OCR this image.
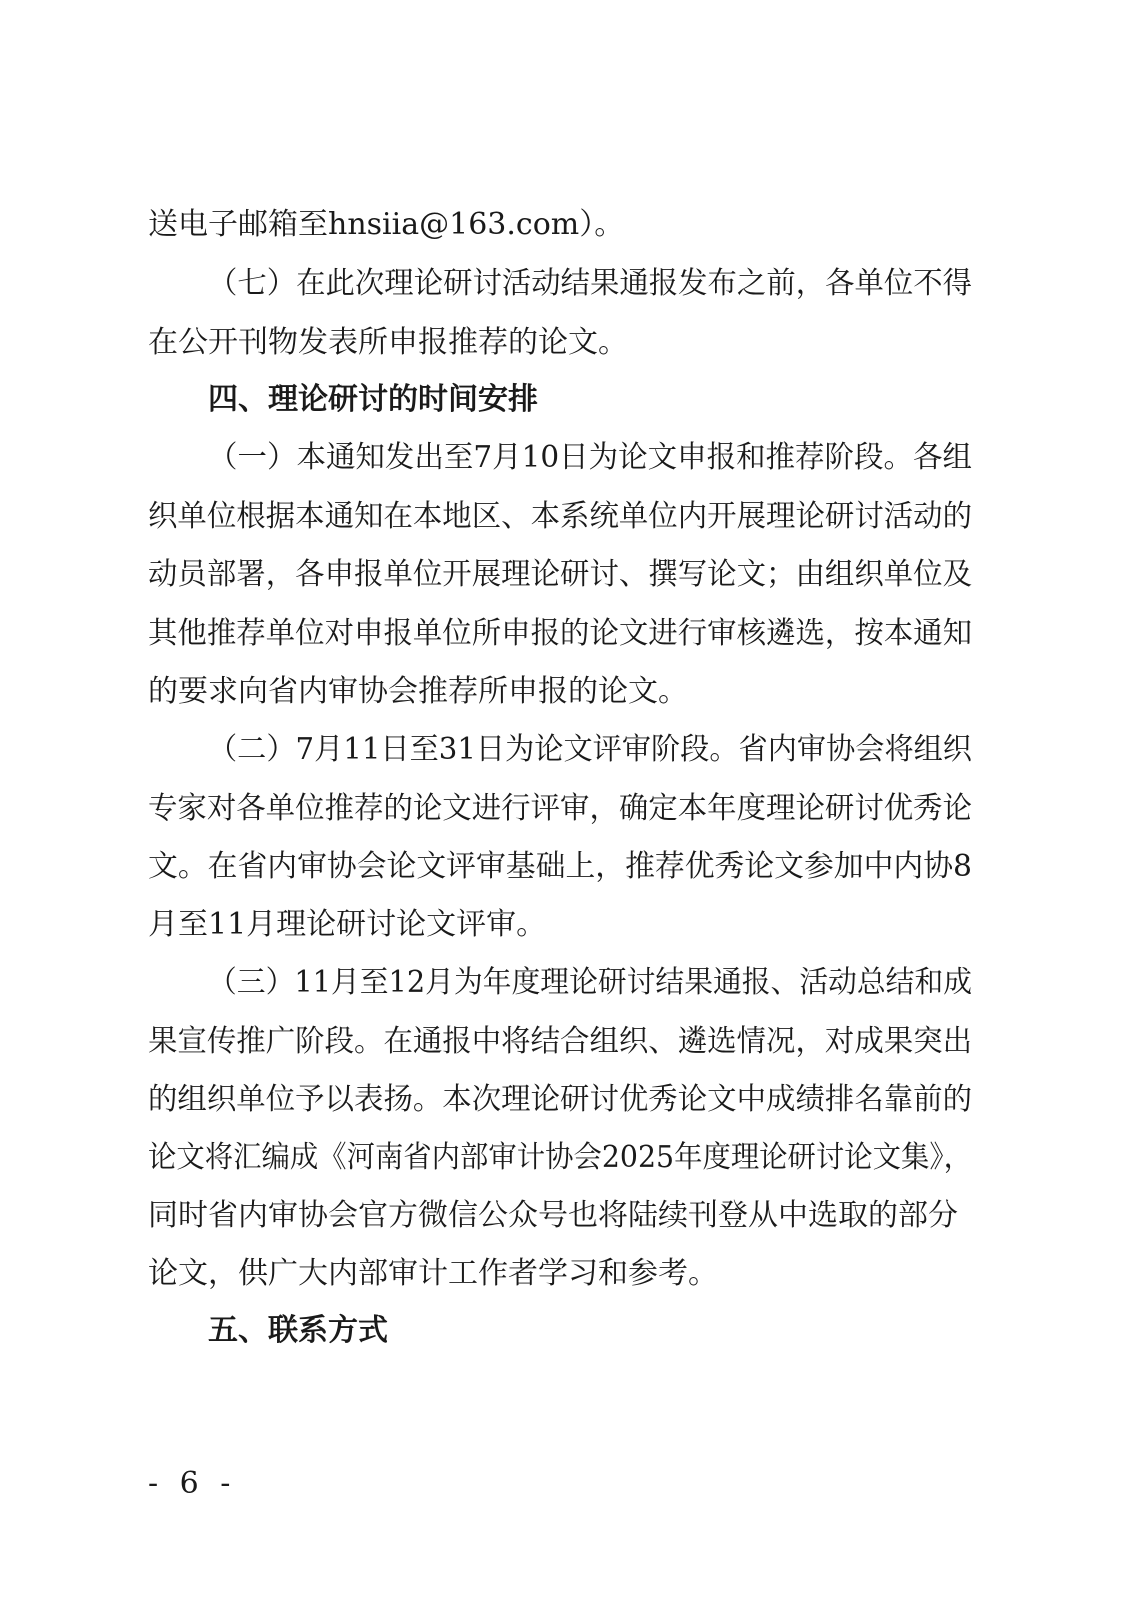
送电子邮箱至hnsiia@163.com）。
（七）在此次理论研讨活动结果通报发布之前，各单位不得
在公开刊物发表所申报推荐的论文。
四、理论研讨的时间安排
（一）本通知发出至7月10日为论文申报和推荐阶段。各组
织单位根据本通知在本地区、本系统单位内开展理论研讨活动的
动员部署，各申报单位开展理论研讨、撰写论文；由组织单位及
其他推荐单位对申报单位所申报的论文进行审核遴选，按本通知
的要求向省内审协会推荐所申报的论文。
（二）7月11日至31日为论文评审阶段。省内审协会将组织
专家对各单位推荐的论文进行评审，确定本年度理论研讨优秀论
文。在省内审协会论文评审基础上，推荐优秀论文参加中内协8
月至11月理论研讨论文评审。
（三）11月至12月为年度理论研讨结果通报、活动总结和成
果宣传推广阶段。在通报中将结合组织、遴选情况，对成果突出
的组织单位予以表扬。本次理论研讨优秀论文中成绩排名靠前的
论文将汇编成《河南省内部审计协会2025年度理论研讨论文集》，
同时省内审协会官方微信公众号也将陆续刊登从中选取的部分
论文，供广大内部审计工作者学习和参考。
五、联系方式
- 6 -
